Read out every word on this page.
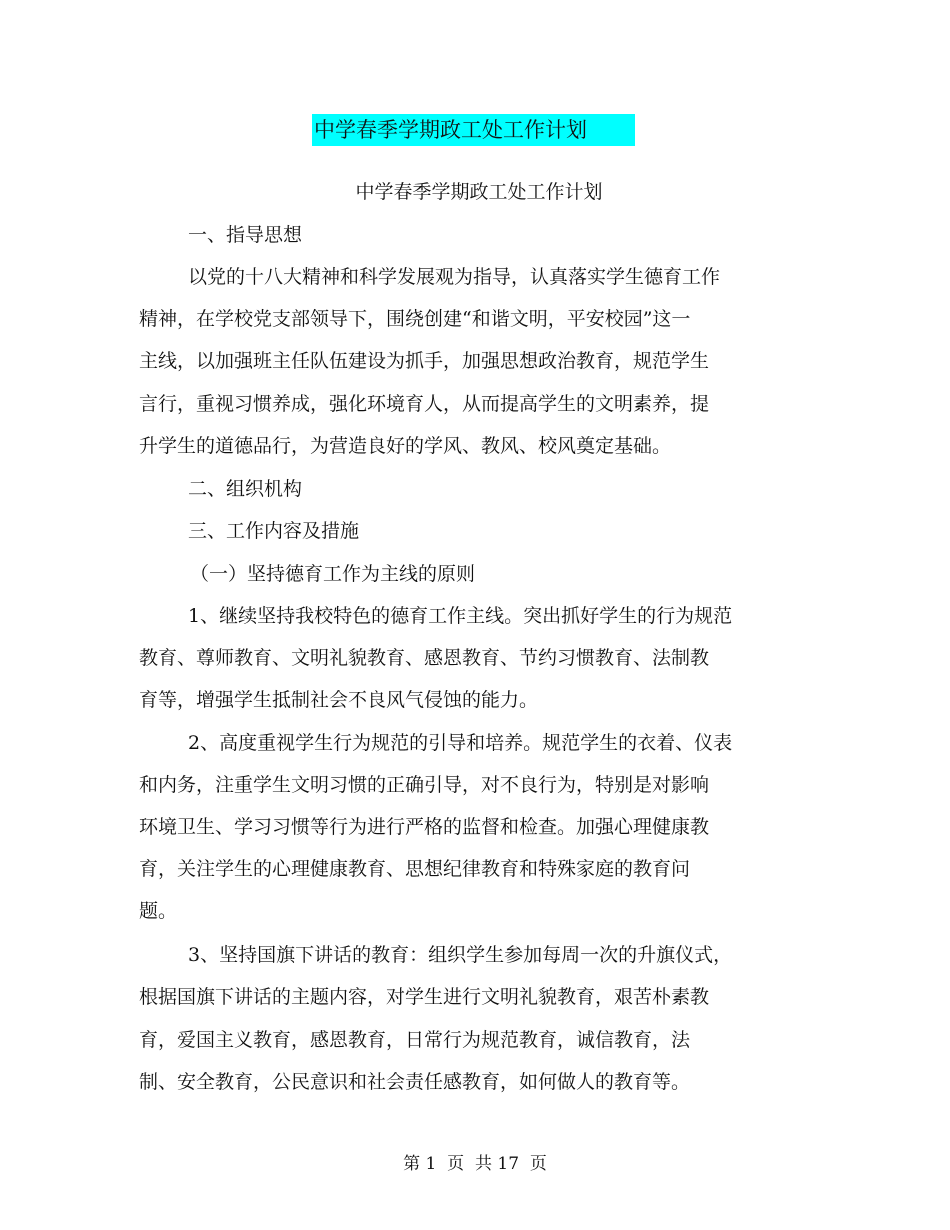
中学春季学期政工处工作计划
中学春季学期政工处工作计划
一、指导思想
以党的十八大精神和科学发展观为指导，认真落实学生德育工作
精神，在学校党支部领导下，围绕创建“和谐文明，平安校园”这一
主线，以加强班主任队伍建设为抓手，加强思想政治教育，规范学生
言行，重视习惯养成，强化环境育人，从而提高学生的文明素养，提
升学生的道德品行，为营造良好的学风、教风、校风奠定基础。
二、组织机构
三、工作内容及措施
（一）坚持德育工作为主线的原则
1、继续坚持我校特色的德育工作主线。突出抓好学生的行为规范
教育、尊师教育、文明礼貌教育、感恩教育、节约习惯教育、法制教
育等，增强学生抵制社会不良风气侵蚀的能力。
2、高度重视学生行为规范的引导和培养。规范学生的衣着、仪表
和内务，注重学生文明习惯的正确引导，对不良行为，特别是对影响
环境卫生、学习习惯等行为进行严格的监督和检查。加强心理健康教
育，关注学生的心理健康教育、思想纪律教育和特殊家庭的教育问
题。
3、坚持国旗下讲话的教育：组织学生参加每周一次的升旗仪式，
根据国旗下讲话的主题内容，对学生进行文明礼貌教育，艰苦朴素教
育，爱国主义教育，感恩教育，日常行为规范教育，诚信教育，法
制、安全教育，公民意识和社会责任感教育，如何做人的教育等。
第 1  页  共 17  页
